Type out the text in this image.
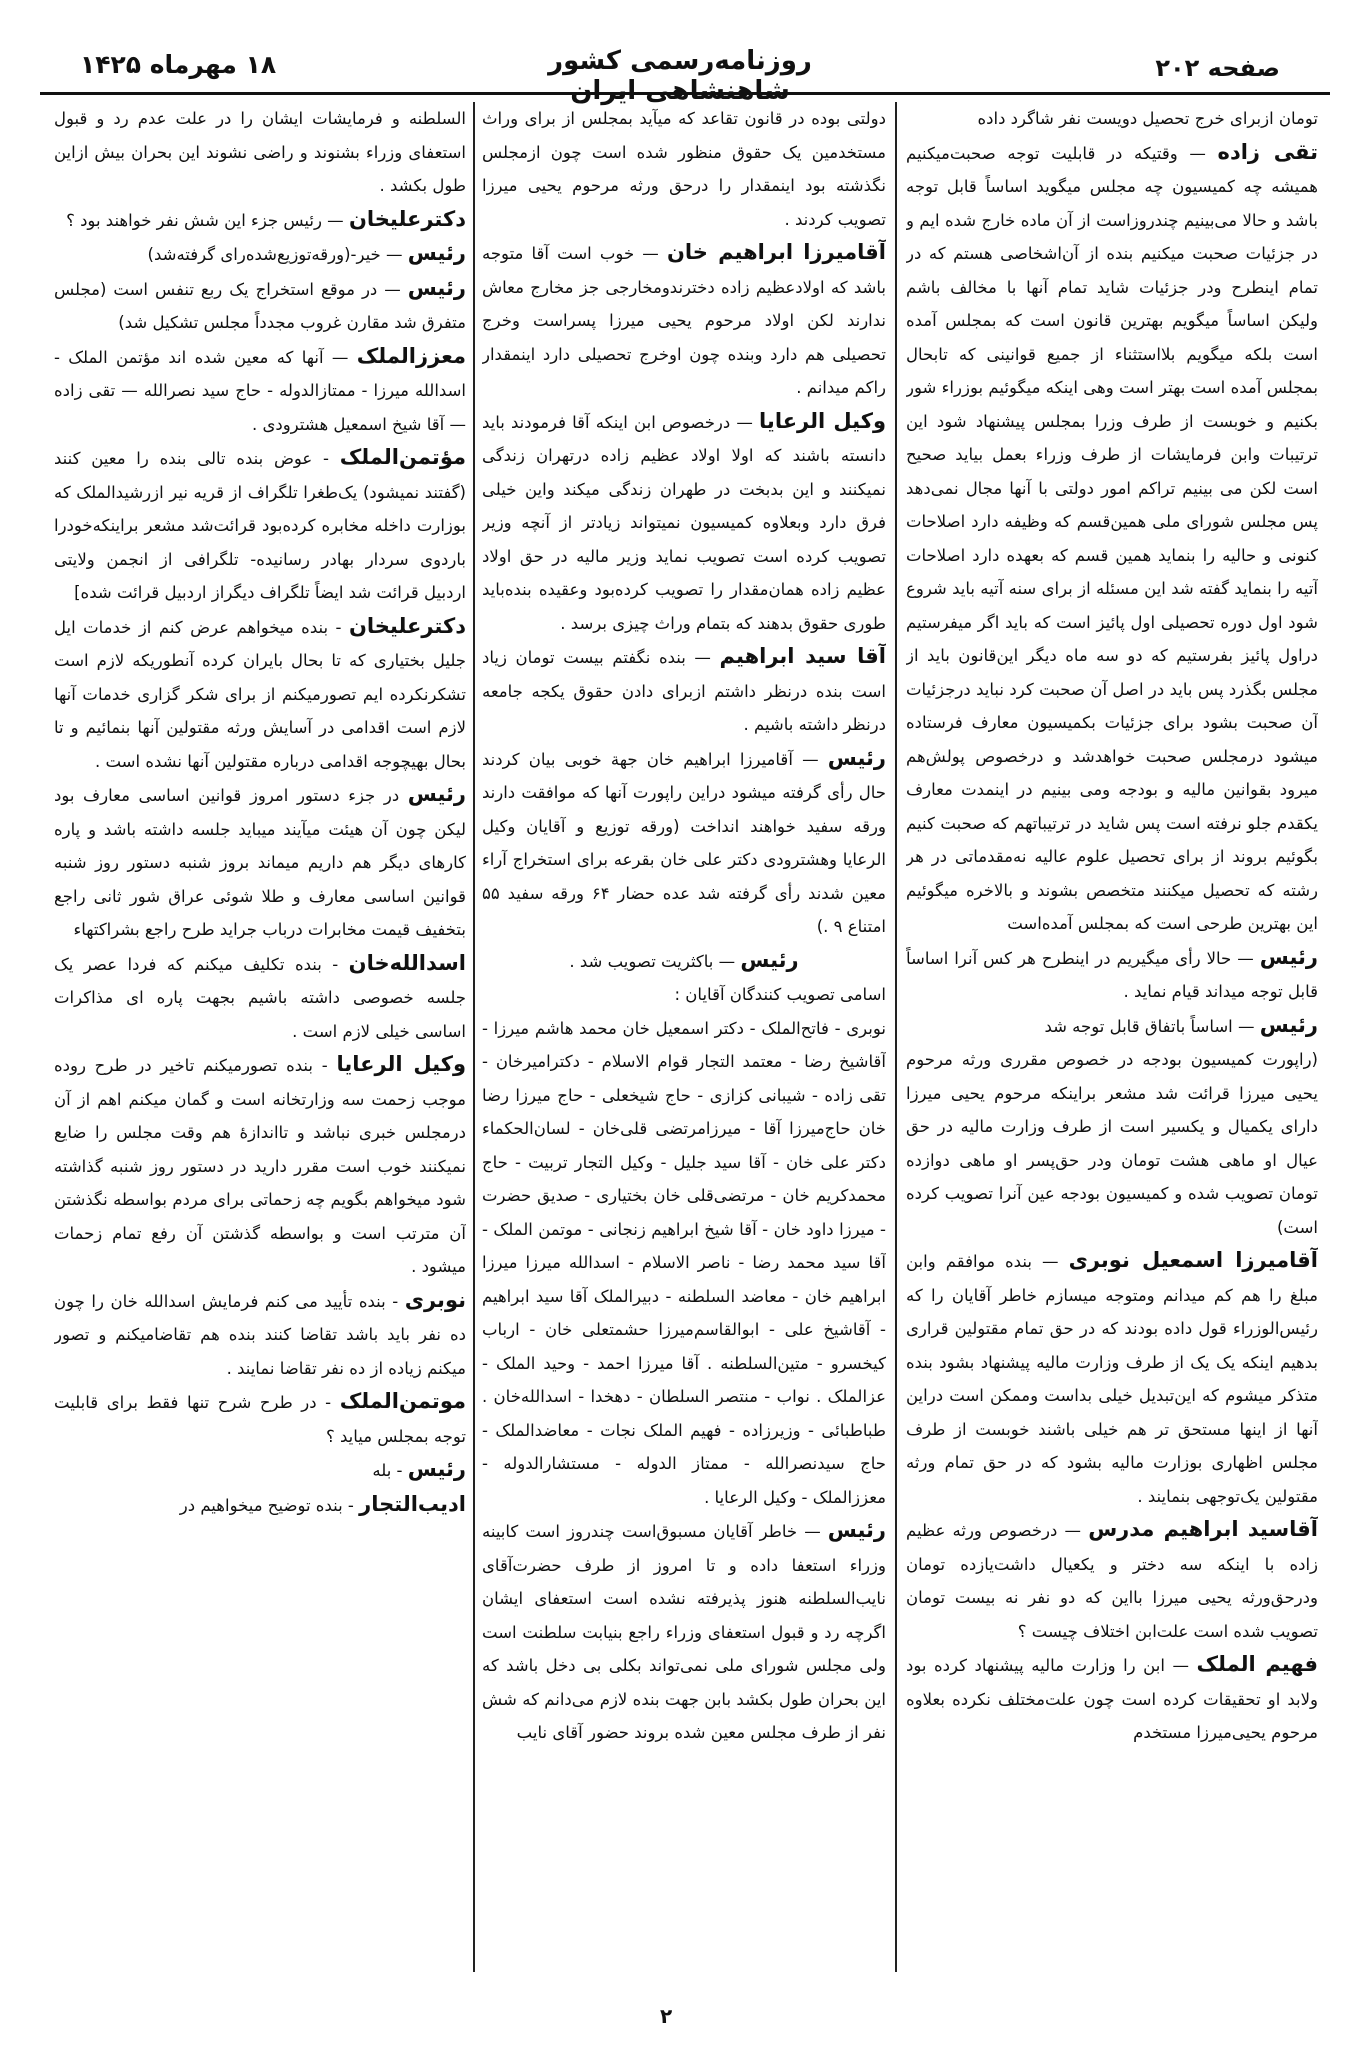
۱۸ مهرماه ۱۴۲۵	روزنامه‌رسمی کشور شاهنشاهی ایران
صفحه ۲۰۲

تومان ازبرای خرج تحصیل دویست نفر شاگرد داده

تقی زاده — وقتیکه در قابلیت توجه صحبت‌میکنیم همیشه چه کمیسیون چه مجلس میگوید اساساً قابل توجه باشد و حالا می‌بینیم چندروزاست از آن ماده خارج شده ایم و در جزئیات صحبت میکنیم بنده از آن‌اشخاصی هستم که در تمام اینطرح ودر جزئیات شاید تمام آنها با مخالف باشم ولیکن اساساً میگویم بهترین قانون است که بمجلس آمده است بلکه میگویم بلااستثناء از جمیع قوانینی که تابحال بمجلس آمده است بهتر است وهی اینکه میگوئیم بوزراء شور بکنیم و خوبست از طرف وزرا بمجلس پیشنهاد شود این ترتیبات وابن فرمایشات از طرف وزراء بعمل بیاید صحیح است لکن می بینیم تراکم امور دولتی با آنها مجال نمی‌دهد پس مجلس شورای ملی همین‌قسم که وظیفه دارد اصلاحات کنونی و حالیه را بنماید همین قسم که بعهده دارد اصلاحات آتیه را بنماید گفته شد این مسئله از برای سنه آتیه باید شروع شود اول دوره تحصیلی اول پائیز است که باید اگر میفرستیم دراول پائیز بفرستیم که دو سه ماه دیگر این‌قانون باید از مجلس بگذرد پس باید در اصل آن صحبت کرد نباید درجزئیات آن صحبت بشود برای جزئیات بکمیسیون معارف فرستاده میشود درمجلس صحبت خواهدشد و درخصوص پولش‌هم میرود بقوانین مالیه و بودجه ومی بینیم در اینمدت معارف یکقدم جلو نرفته است پس شاید در ترتیباتهم که صحبت کنیم بگوئیم بروند از برای تحصیل علوم عالیه نه‌مقدماتی در هر رشته که تحصیل میکنند متخصص بشوند و بالاخره میگوئیم این بهترین طرحی است که بمجلس آمده‌است

رئیس — حالا رأی میگیریم در اینطرح هر کس آنرا اساساً قابل توجه میداند قیام نماید .

رئیس — اساساً باتفاق قابل توجه شد

(راپورت کمیسیون بودجه در خصوص مقرری ورثه مرحوم یحیی میرزا قرائت شد مشعر براینکه مرحوم یحیی میرزا دارای یکمیال و یکسیر است از طرف وزارت مالیه در حق عیال او ماهی هشت تومان ودر حق‌پسر او ماهی دوازده تومان تصویب شده و کمیسیون بودجه عین آنرا تصویب کرده است)

آقامیرزا اسمعیل نوبری — بنده موافقم وابن مبلغ را هم کم میدانم ومتوجه میسازم خاطر آقایان را که رئیس‌الوزراء قول داده بودند که در حق تمام مقتولین قراری بدهیم اینکه یک یک از طرف وزارت مالیه پیشنهاد بشود بنده متذکر میشوم که این‌تبدیل خیلی بداست وممکن است دراین آنها از اینها مستحق تر هم خیلی باشند خوبست از طرف مجلس اظهاری بوزارت مالیه بشود که در حق تمام ورثه مقتولین یک‌توجهی بنمایند .

آقاسید ابراهیم مدرس — درخصوص ورثه عظیم زاده با اینکه سه دختر و یکعیال داشت‌یازده تومان ودرحق‌ورثه یحیی میرزا بااین که دو نفر نه بیست تومان تصویب شده است علت‌ابن اختلاف چیست ؟

فهیم الملک — ابن را وزارت مالیه پیشنهاد کرده بود ولابد او تحقیقات کرده است چون علت‌مختلف نکرده بعلاوه مرحوم یحیی‌میرزا مستخدم

دولتی بوده در قانون تقاعد که میآید بمجلس از برای وراث مستخدمین یک حقوق منظور شده است چون ازمجلس نگذشته بود اینمقدار را درحق ورثه مرحوم یحیی میرزا تصویب کردند .

آقامیرزا ابراهیم خان — خوب است آقا متوجه باشد که اولادعظیم زاده دخترندومخارجی جز مخارج معاش ندارند لکن اولاد مرحوم یحیی میرزا پسراست وخرج تحصیلی هم دارد وبنده چون اوخرج تحصیلی دارد اینمقدار راکم میدانم .

وکیل الرعایا — درخصوص ابن اینکه آقا فرمودند باید دانسته باشند که اولا اولاد عظیم زاده درتهران زندگی نمیکنند و این بدبخت در طهران زندگی میکند واین خیلی فرق دارد وبعلاوه کمیسیون نمیتواند زیادتر از آنچه وزیر تصویب کرده است تصویب نماید وزیر مالیه در حق اولاد عظیم زاده همان‌مقدار را تصویب کرده‌بود وعقیده بنده‌باید طوری حقوق بدهند که بتمام وراث چیزی برسد .

آقا سید ابراهیم — بنده نگفتم بیست تومان زیاد است بنده درنظر داشتم ازبرای دادن حقوق یکجه جامعه درنظر داشته باشیم .

رئیس — آقامیرزا ابراهیم خان جهة خوبی بیان کردند حال رأی گرفته میشود دراین راپورت آنها که موافقت دارند ورقه سفید خواهند انداخت (ورقه توزیع و آقایان وکیل الرعایا وهشترودی دکتر علی خان بقرعه برای استخراج آراء معین شدند رأی گرفته شد عده حضار ۶۴ ورقه سفید ۵۵ امتناع ۹ .)

رئیس — باکثریت تصویب شد .

اسامی تصویب کنندگان آقایان :

نوبری - فاتح‌الملک - دکتر اسمعیل خان محمد هاشم میرزا - آقاشیخ رضا - معتمد التجار قوام الاسلام - دکترامیرخان - تقی زاده - شیبانی کزازی - حاج شیخعلی - حاج میرزا رضا خان حاج‌میرزا آقا - میرزامرتضی قلی‌خان - لسان‌الحکماء دکتر علی خان - آقا سید جلیل - وکیل التجار تربیت - حاج محمدکریم خان - مرتضی‌قلی خان بختیاری - صدیق حضرت - میرزا داود خان - آقا شیخ ابراهیم زنجانی - موتمن الملک - آقا سید محمد رضا - ناصر الاسلام - اسدالله میرزا میرزا ابراهیم خان - معاضد السلطنه - دبیرالملک آقا سید ابراهیم - آقاشیخ علی - ابوالقاسم‌میرزا حشمتعلی خان - ارباب کیخسرو - متین‌السلطنه . آقا میرزا احمد - وحید الملک - عزالملک . نواب - منتصر السلطان - دهخدا - اسدالله‌خان . طباطبائی - وزیرزاده - فهیم الملک نجات - معاضدالملک - حاج سیدنصرالله - ممتاز الدوله - مستشارالدوله - معززالملک - وکیل الرعایا .

رئیس — خاطر آقایان مسبوق‌است چندروز است کابینه وزراء استعفا داده و تا امروز از طرف حضرت‌آقای نایب‌السلطنه هنوز پذیرفته نشده است استعفای ایشان اگرچه رد و قبول استعفای وزراء راجع بنیابت سلطنت است ولی مجلس شورای ملی نمی‌تواند بکلی بی دخل باشد که این بحران طول بکشد بابن جهت بنده لازم می‌دانم که شش نفر از طرف مجلس معین شده بروند حضور آقای نایب

السلطنه و فرمایشات ایشان را در علت عدم رد و قبول استعفای وزراء بشنوند و راضی نشوند این بحران بیش ازاین طول بکشد .

دکترعلیخان — رئیس جزء این شش نفر خواهند بود ؟

رئیس — خیر-(ورقه‌توزیع‌شده‌رای گرفته‌شد)

رئیس — در موقع استخراج یک ربع تنفس است (مجلس متفرق شد مقارن غروب مجدداً مجلس تشکیل شد)

معززالملک — آنها که معین شده اند مؤتمن الملک - اسدالله میرزا - ممتازالدوله - حاج سید نصرالله — تقی زاده — آقا شیخ اسمعیل هشترودی .

مؤتمن‌الملک - عوض بنده تالی بنده را معین کنند (گفتند نمیشود) یک‌طغرا تلگراف از قریه نیر ازرشیدالملک که بوزارت داخله مخابره کرده‌بود قرائت‌شد مشعر براینکه‌خودرا باردوی سردار بهادر رسانیده- تلگرافی از انجمن ولایتی اردبیل قرائت شد ایضاً تلگراف دیگراز اردبیل قرائت شده]

دکترعلیخان - بنده میخواهم عرض کنم از خدمات ایل جلیل بختیاری که تا بحال بایران کرده آنطوریکه لازم است تشکرنکرده ایم تصورمیکنم از برای شکر گزاری خدمات آنها لازم است اقدامی در آسایش ورثه مقتولین آنها بنمائیم و تا بحال بهیچوجه اقدامی درباره مقتولین آنها نشده است .

رئیس در جزء دستور امروز قوانین اساسی معارف بود لیکن چون آن هیئت میآیند میباید جلسه داشته باشد و پاره کارهای دیگر هم داریم میماند بروز شنبه دستور روز شنبه قوانین اساسی معارف و طلا شوئی عراق شور ثانی راجع بتخفیف قیمت مخابرات درباب جراید طرح راجع بشراکتهاء

اسدالله‌خان - بنده تکلیف میکنم که فردا عصر یک جلسه خصوصی داشته باشیم بجهت پاره ای مذاکرات اساسی خیلی لازم است .

وکیل الرعایا - بنده تصورمیکنم تاخیر در طرح روده موجب زحمت سه وزارتخانه است و گمان میکنم اهم از آن درمجلس خبری نباشد و تااندازهٔ هم وقت مجلس را ضایع نمیکنند خوب است مقرر دارید در دستور روز شنبه گذاشته شود میخواهم بگویم چه زحماتی برای مردم بواسطه نگذشتن آن مترتب است و بواسطه گذشتن آن رفع تمام زحمات میشود .

نوبری - بنده تأیید می کنم فرمایش اسدالله خان را چون ده نفر باید باشد تقاضا کنند بنده هم تقاضامیکنم و تصور میکنم زیاده از ده نفر تقاضا نمایند .

موتمن‌الملک - در طرح شرح تنها فقط برای قابلیت توجه بمجلس میاید ؟

رئیس - بله

ادیب‌التجار - بنده توضیح میخواهیم در

۲
